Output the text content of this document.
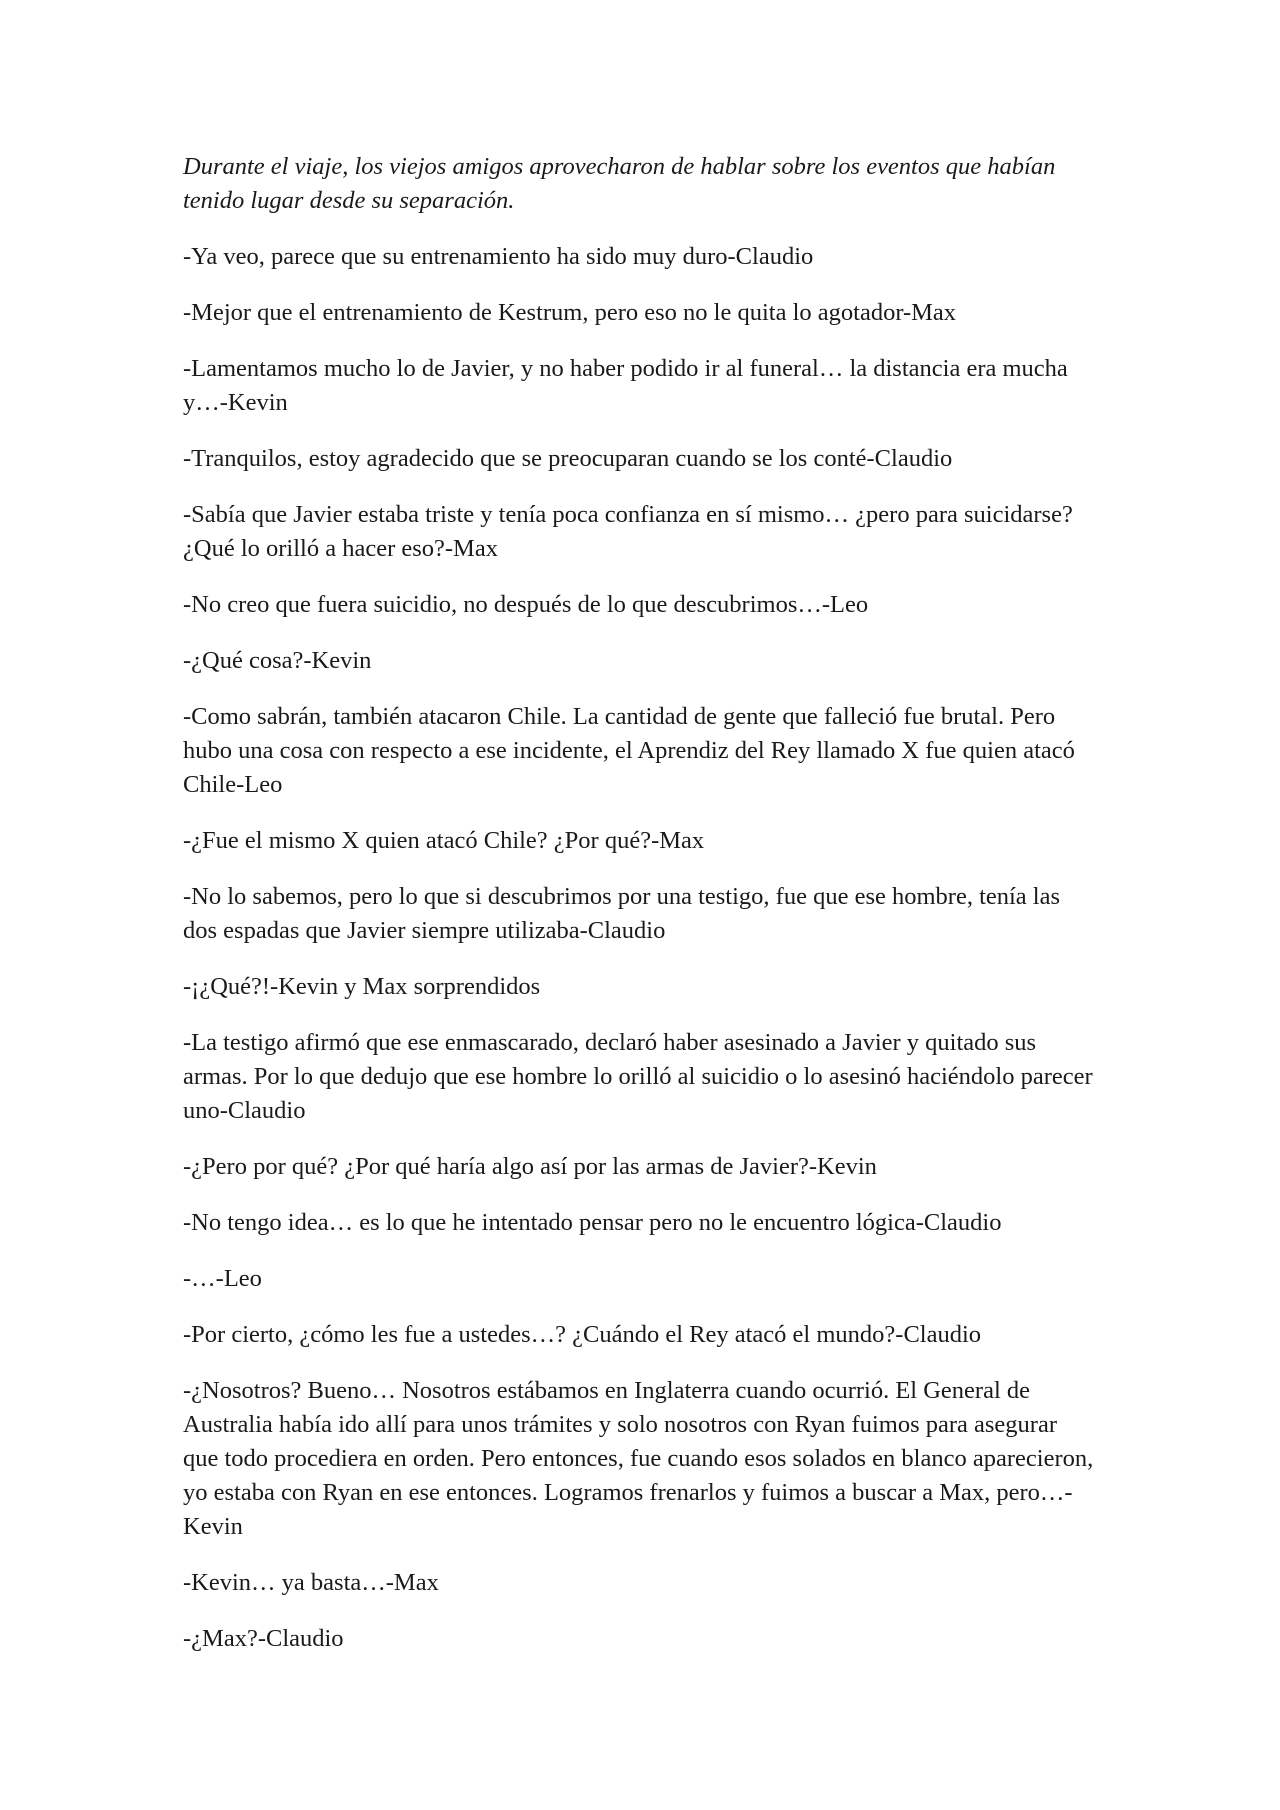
Durante el viaje, los viejos amigos aprovecharon de hablar sobre los eventos que habían tenido lugar desde su separación.

-Ya veo, parece que su entrenamiento ha sido muy duro-Claudio

-Mejor que el entrenamiento de Kestrum, pero eso no le quita lo agotador-Max

-Lamentamos mucho lo de Javier, y no haber podido ir al funeral… la distancia era mucha y…-Kevin

-Tranquilos, estoy agradecido que se preocuparan cuando se los conté-Claudio

-Sabía que Javier estaba triste y tenía poca confianza en sí mismo… ¿pero para suicidarse? ¿Qué lo orilló a hacer eso?-Max

-No creo que fuera suicidio, no después de lo que descubrimos…-Leo

-¿Qué cosa?-Kevin

-Como sabrán, también atacaron Chile. La cantidad de gente que falleció fue brutal. Pero hubo una cosa con respecto a ese incidente, el Aprendiz del Rey llamado X fue quien atacó Chile-Leo

-¿Fue el mismo X quien atacó Chile? ¿Por qué?-Max

-No lo sabemos, pero lo que si descubrimos por una testigo, fue que ese hombre, tenía las dos espadas que Javier siempre utilizaba-Claudio

-¡¿Qué?!-Kevin y Max sorprendidos

-La testigo afirmó que ese enmascarado, declaró haber asesinado a Javier y quitado sus armas. Por lo que dedujo que ese hombre lo orilló al suicidio o lo asesinó haciéndolo parecer uno-Claudio

-¿Pero por qué? ¿Por qué haría algo así por las armas de Javier?-Kevin

-No tengo idea… es lo que he intentado pensar pero no le encuentro lógica-Claudio

-…-Leo

-Por cierto, ¿cómo les fue a ustedes…? ¿Cuándo el Rey atacó el mundo?-Claudio

-¿Nosotros? Bueno… Nosotros estábamos en Inglaterra cuando ocurrió. El General de Australia había ido allí para unos trámites y solo nosotros con Ryan fuimos para asegurar que todo procediera en orden. Pero entonces, fue cuando esos solados en blanco aparecieron, yo estaba con Ryan en ese entonces. Logramos frenarlos y fuimos a buscar a Max, pero…-Kevin

-Kevin… ya basta…-Max

-¿Max?-Claudio
